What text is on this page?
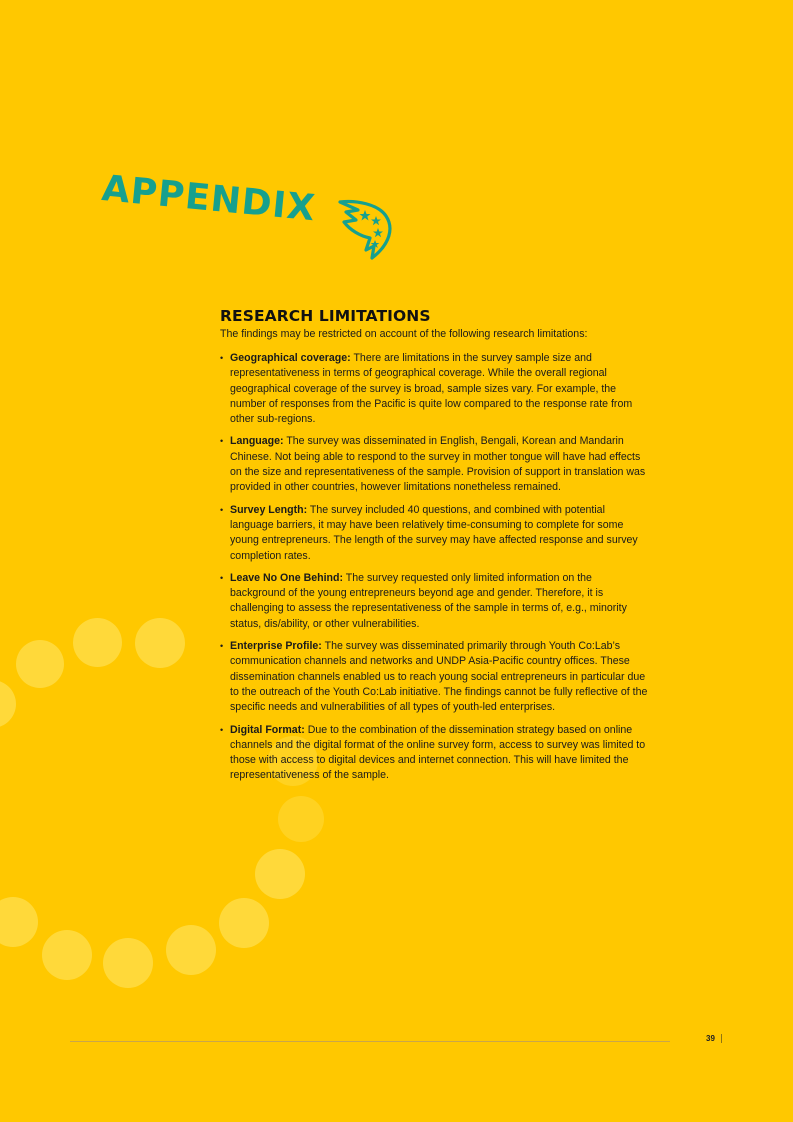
APPENDIX
RESEARCH LIMITATIONS

The findings may be restricted on account of the following research limitations:

• Geographical coverage: There are limitations in the survey sample size and representativeness in terms of geographical coverage. While the overall regional geographical coverage of the survey is broad, sample sizes vary. For example, the number of responses from the Pacific is quite low compared to the response rate from other sub-regions.
• Language: The survey was disseminated in English, Bengali, Korean and Mandarin Chinese. Not being able to respond to the survey in mother tongue will have had effects on the size and representativeness of the sample. Provision of support in translation was provided in other countries, however limitations nonetheless remained.
• Survey Length: The survey included 40 questions, and combined with potential language barriers, it may have been relatively time-consuming to complete for some young entrepreneurs. The length of the survey may have affected response and survey completion rates.
• Leave No One Behind: The survey requested only limited information on the background of the young entrepreneurs beyond age and gender. Therefore, it is challenging to assess the representativeness of the sample in terms of, e.g., minority status, dis/ability, or other vulnerabilities.
• Enterprise Profile: The survey was disseminated primarily through Youth Co:Lab’s communication channels and networks and UNDP Asia-Pacific country offices. These dissemination channels enabled us to reach young social entrepreneurs in particular due to the outreach of the Youth Co:Lab initiative. The findings cannot be fully reflective of the specific needs and vulnerabilities of all types of youth-led enterprises.
• Digital Format: Due to the combination of the dissemination strategy based on online channels and the digital format of the online survey form, access to survey was limited to those with access to digital devices and internet connection. This will have limited the representativeness of the sample.
39
